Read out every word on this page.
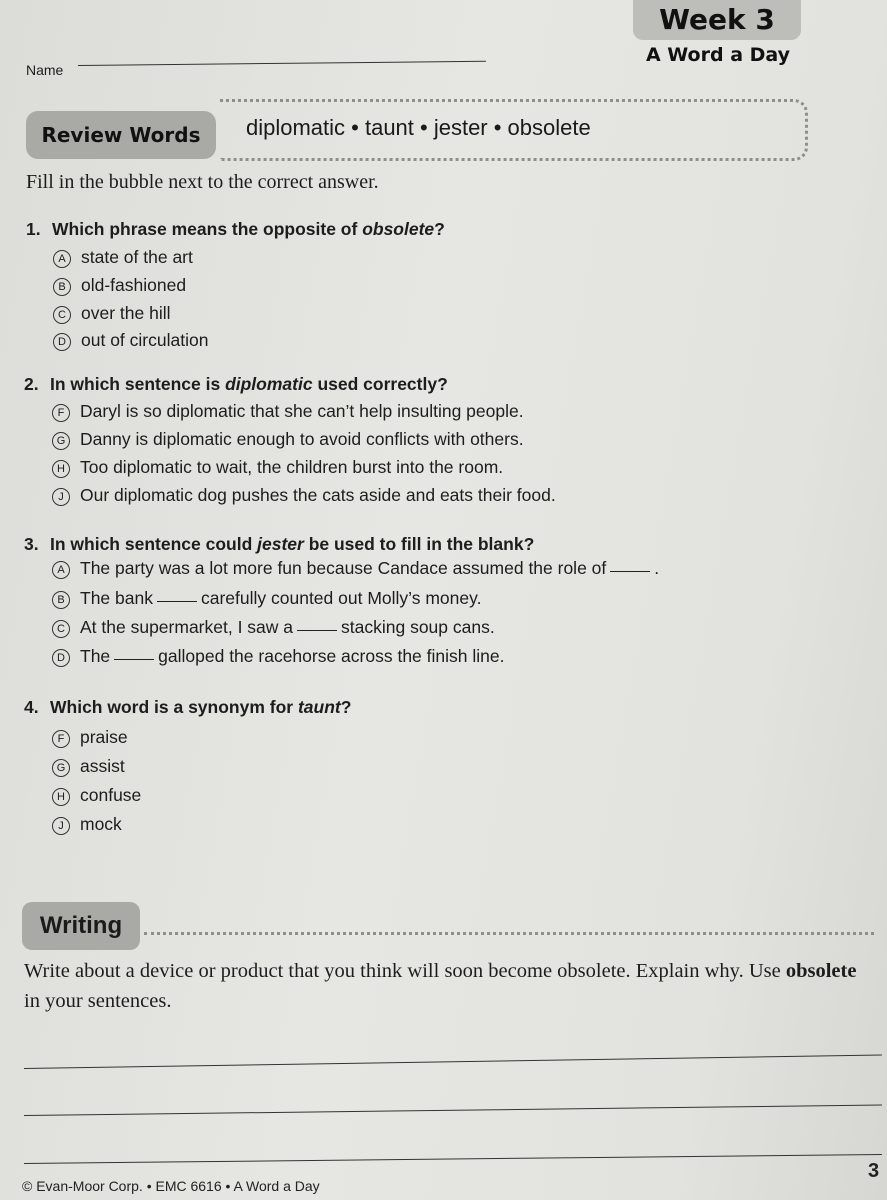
Week 3
A Word a Day
Name
Review Words	diplomatic • taunt • jester • obsolete
Fill in the bubble next to the correct answer.
1. Which phrase means the opposite of obsolete?
A state of the art
B old-fashioned
C over the hill
D out of circulation
2. In which sentence is diplomatic used correctly?
F Daryl is so diplomatic that she can’t help insulting people.
G Danny is diplomatic enough to avoid conflicts with others.
H Too diplomatic to wait, the children burst into the room.
J Our diplomatic dog pushes the cats aside and eats their food.
3. In which sentence could jester be used to fill in the blank?
A The party was a lot more fun because Candace assumed the role of	.
B The bank	carefully counted out Molly’s money.
C At the supermarket, I saw a	stacking soup cans.
D The	galloped the racehorse across the finish line.
4. Which word is a synonym for taunt?
F praise
G assist
H confuse
J mock
Writing
Write about a device or product that you think will soon become obsolete. Explain why. Use obsolete in your sentences.
© Evan-Moor Corp. • EMC 6616 • A Word a Day
3
